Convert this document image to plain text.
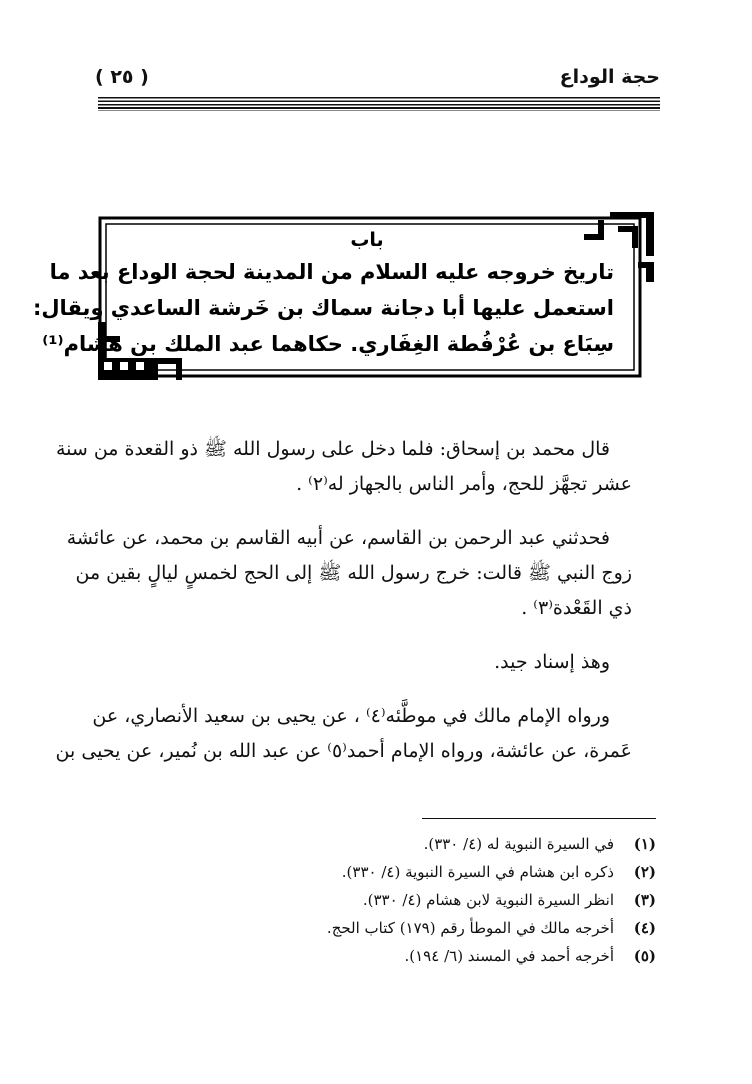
حجة الوداع
( ٢٥ )
باب
تاريخ خروجه عليه السلام من المدينة لحجة الوداع بعد ما
استعمل عليها أبا دجانة سماك بن خَرشة الساعدي ويقال:
سِبَاع بن عُرْفُطة الغِفَاري. حكاهما عبد الملك بن هشام⁽¹⁾

قال محمد بن إسحاق: فلما دخل على رسول الله ﷺ ذو القعدة من سنة
عشر تجهَّز للحج، وأمر الناس بالجهاز له⁽٢⁾ .

فحدثني عبد الرحمن بن القاسم، عن أبيه القاسم بن محمد، عن عائشة
زوج النبي ﷺ قالت: خرج رسول الله ﷺ إلى الحج لخمسٍ ليالٍ بقين من
ذي القَعْدة⁽٣⁾ .

وهذ إسناد جيد.

ورواه الإمام مالك في موطَّئه⁽٤⁾ ، عن يحيى بن سعيد الأنصاري، عن
عَمرة، عن عائشة، ورواه الإمام أحمد⁽٥⁾ عن عبد الله بن نُمير، عن يحيى بن

(١)في السيرة النبوية له (٤/ ٣٣٠).
(٢)ذكره ابن هشام في السيرة النبوية (٤/ ٣٣٠).
(٣)انظر السيرة النبوية لابن هشام (٤/ ٣٣٠).
(٤)أخرجه مالك في الموطأ رقم (١٧٩) كتاب الحج.
(٥)أخرجه أحمد في المسند (٦/ ١٩٤).
